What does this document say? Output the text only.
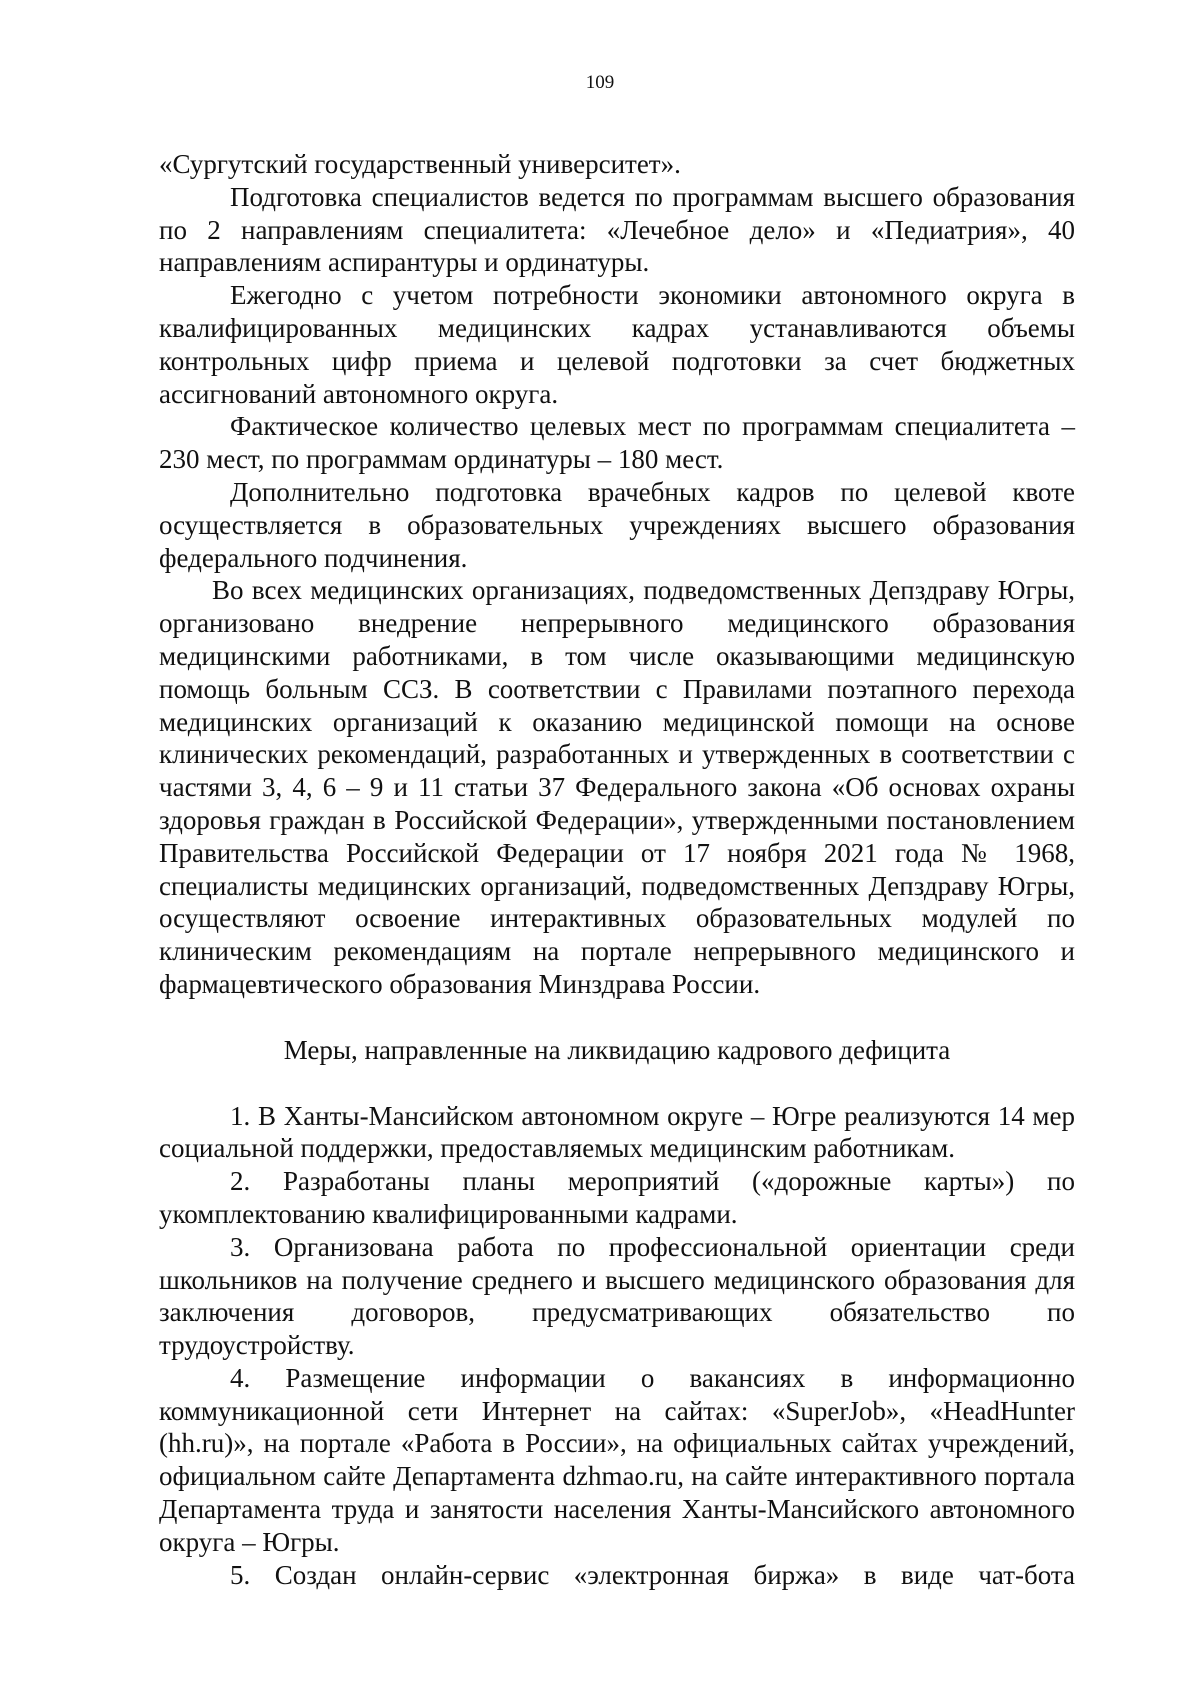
109

«Сургутский государственный университет».

Подготовка специалистов ведется по программам высшего образования по 2 направлениям специалитета: «Лечебное дело» и «Педиатрия», 40 направлениям аспирантуры и ординатуры.

Ежегодно с учетом потребности экономики автономного округа в квалифицированных медицинских кадрах устанавливаются объемы контрольных цифр приема и целевой подготовки за счет бюджетных ассигнований автономного округа.

Фактическое количество целевых мест по программам специалитета – 230 мест, по программам ординатуры – 180 мест.

Дополнительно подготовка врачебных кадров по целевой квоте осуществляется в образовательных учреждениях высшего образования федерального подчинения.

Во всех медицинских организациях, подведомственных Депздраву Югры, организовано внедрение непрерывного медицинского образования медицинскими работниками, в том числе оказывающими медицинскую помощь больным ССЗ. В соответствии с Правилами поэтапного перехода медицинских организаций к оказанию медицинской помощи на основе клинических рекомендаций, разработанных и утвержденных в соответствии с частями 3, 4, 6 – 9 и 11 статьи 37 Федерального закона «Об основах охраны здоровья граждан в Российской Федерации», утвержденными постановлением Правительства Российской Федерации от 17 ноября 2021 года № 1968, специалисты медицинских организаций, подведомственных Депздраву Югры, осуществляют освоение интерактивных образовательных модулей по клиническим рекомендациям на портале непрерывного медицинского и фармацевтического образования Минздрава России.

Меры, направленные на ликвидацию кадрового дефицита

1. В Ханты-Мансийском автономном округе – Югре реализуются 14 мер социальной поддержки, предоставляемых медицинским работникам.

2. Разработаны планы мероприятий («дорожные карты») по укомплектованию квалифицированными кадрами.

3. Организована работа по профессиональной ориентации среди школьников на получение среднего и высшего медицинского образования для заключения договоров, предусматривающих обязательство по трудоустройству.

4. Размещение информации о вакансиях в информационно коммуникационной сети Интернет на сайтах: «SuperJob», «HeadHunter (hh.ru)», на портале «Работа в России», на официальных сайтах учреждений, официальном сайте Департамента dzhmao.ru, на сайте интерактивного портала Департамента труда и занятости населения Ханты-Мансийского автономного округа – Югры.

5. Создан онлайн-сервис «электронная биржа» в виде чат-бота
